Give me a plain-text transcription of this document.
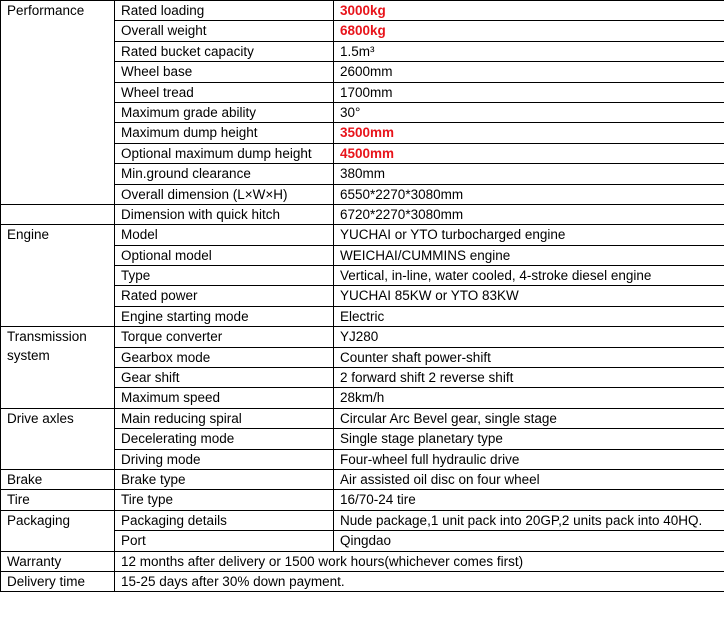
Performance	Rated loading	3000kg
	Overall weight	6800kg
	Rated bucket capacity	1.5m³
	Wheel base	2600mm
	Wheel tread	1700mm
	Maximum grade ability	30°
	Maximum dump height	3500mm
	Optional maximum dump height	4500mm
	Min.ground clearance	380mm
	Overall dimension (L×W×H)	6550*2270*3080mm
	Dimension with quick hitch	6720*2270*3080mm
Engine	Model	YUCHAI or YTO turbocharged engine
	Optional model	WEICHAI/CUMMINS engine
	Type	Vertical, in-line, water cooled, 4-stroke diesel engine
	Rated power	YUCHAI 85KW or YTO 83KW
	Engine starting mode	Electric
Transmission system	Torque converter	YJ280
	Gearbox mode	Counter shaft power-shift
	Gear shift	2 forward shift 2 reverse shift
	Maximum speed	28km/h
Drive axles	Main reducing spiral	Circular Arc Bevel gear, single stage
	Decelerating mode	Single stage planetary type
	Driving mode	Four-wheel full hydraulic drive
Brake	Brake type	Air assisted oil disc on four wheel
Tire	Tire type	16/70-24 tire
Packaging	Packaging details	Nude package,1 unit pack into 20GP,2 units pack into 40HQ.
	Port	Qingdao
Warranty	12 months after delivery or 1500 work hours(whichever comes first)	
Delivery time	15-25 days after 30% down payment.	
